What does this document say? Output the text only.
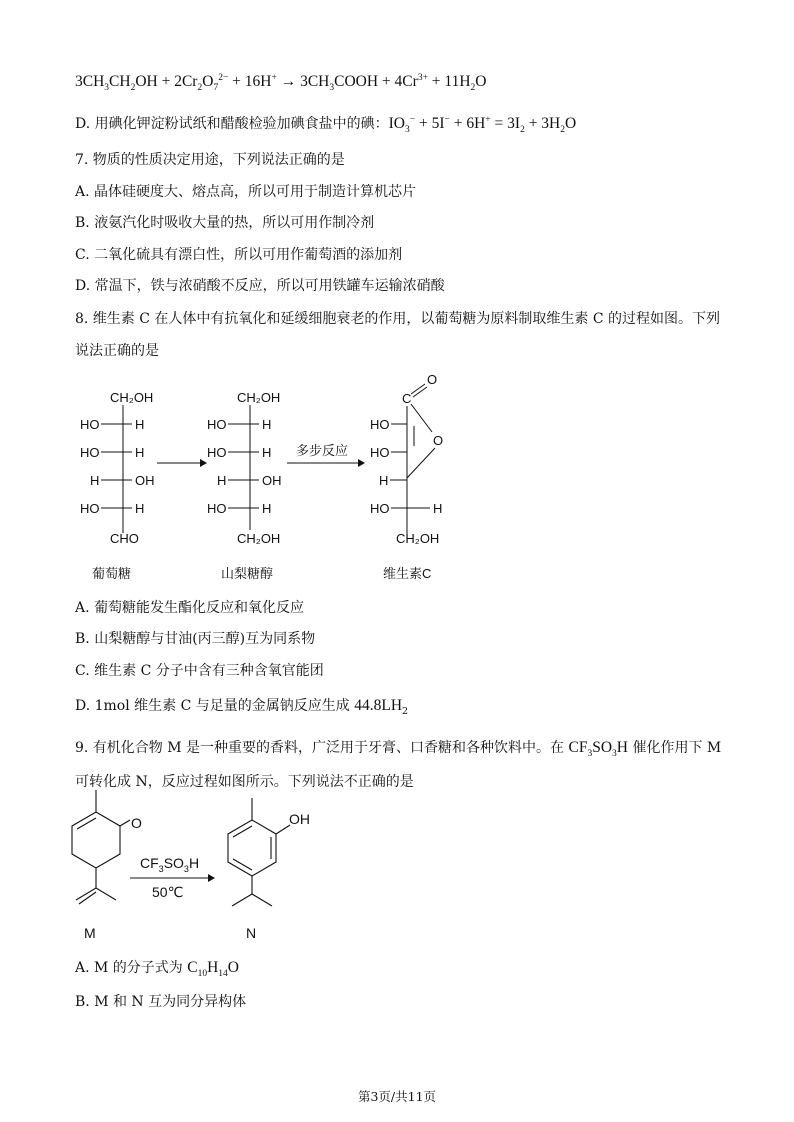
$3CH_3CH_2OH + 2Cr_2O_7^{2-} + 16H^+$ → $3CH_3COOH + 4Cr^{3+} + 11H_2O$
D. 用碘化钾淀粉试纸和醋酸检验加碘食盐中的碘：$IO_3^- + 5I^- + 6H^+ = 3I_2 + 3H_2O$
7. 物质的性质决定用途，下列说法正确的是
A. 晶体硅硬度大、熔点高，所以可用于制造计算机芯片
B. 液氨汽化时吸收大量的热，所以可用作制冷剂
C. 二氧化硫具有漂白性，所以可用作葡萄酒的添加剂
D. 常温下，铁与浓硝酸不反应，所以可用铁罐车运输浓硝酸
8. 维生素 C 在人体中有抗氧化和延缓细胞衰老的作用，以葡萄糖为原料制取维生素 C 的过程如图。下列
说法正确的是
CH₂OH
HO	H
HO	H
H	OH
HO	H
CHO
葡萄糖
CH₂OH
HO	H
HO	H
H	OH
HO	H
CH₂OH
山梨糖醇
多步反应
C
O
O
HO
HO
H
HO	H
CH₂OH
维生素C
O
M
$CF_3SO_3H$
50℃
OH
N
A. 葡萄糖能发生酯化反应和氧化反应
B. 山梨糖醇与甘油(丙三醇)互为同系物
C. 维生素 C 分子中含有三种含氧官能团
D. 1mol 维生素 C 与足量的金属钠反应生成 $44.8LH_2$
9. 有机化合物 M 是一种重要的香料，广泛用于牙膏、口香糖和各种饮料中。在 $CF_3SO_3H$ 催化作用下 M
可转化成 N，反应过程如图所示。下列说法不正确的是
A. M 的分子式为 $C_{10}H_{14}O$
B. M 和 N 互为同分异构体
第3页/共11页
